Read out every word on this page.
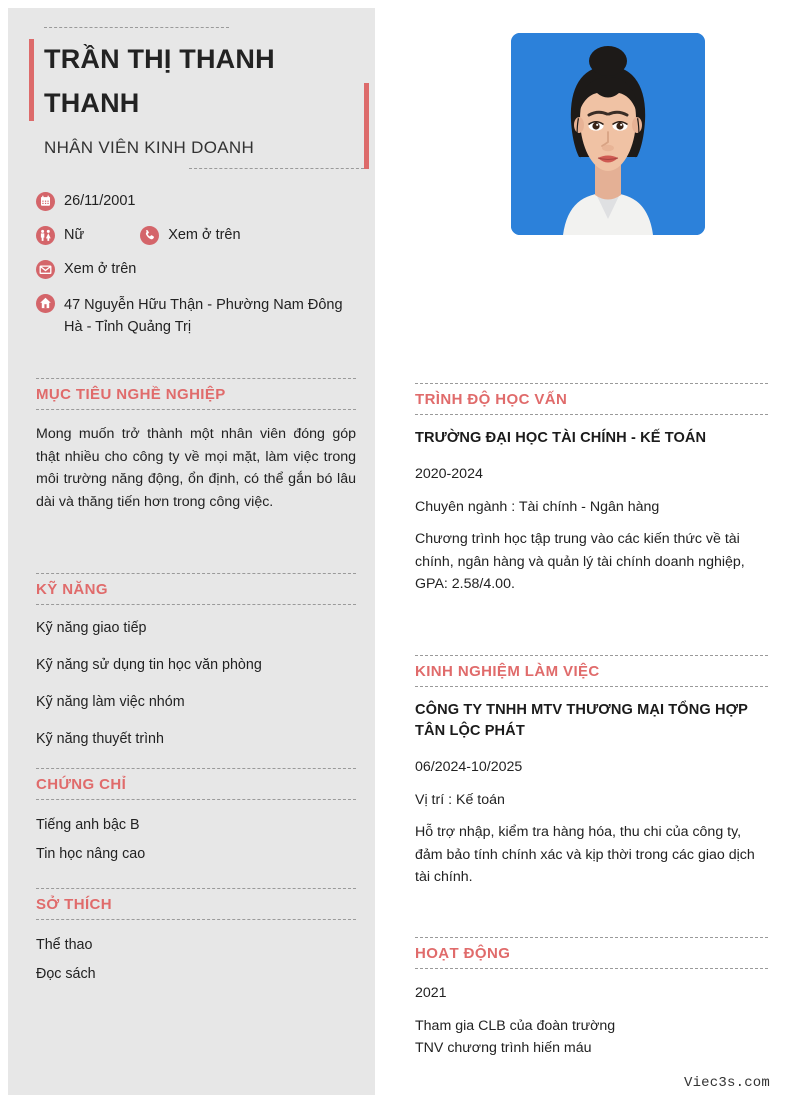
TRẦN THỊ THANH THANH
NHÂN VIÊN KINH DOANH
26/11/2001
Nữ	Xem ở trên
Xem ở trên
47 Nguyễn Hữu Thận - Phường Nam Đông Hà - Tỉnh Quảng Trị
MỤC TIÊU NGHỀ NGHIỆP

Mong muốn trở thành một nhân viên đóng góp thật nhiều cho công ty về mọi mặt, làm việc trong môi trường năng động, ổn định, có thể gắn bó lâu dài và thăng tiến hơn trong công việc.

KỸ NĂNG
Kỹ năng giao tiếp
Kỹ năng sử dụng tin học văn phòng
Kỹ năng làm việc nhóm
Kỹ năng thuyết trình
CHỨNG CHỈ
Tiếng anh bậc B
Tin học nâng cao
SỞ THÍCH
Thể thao
Đọc sách
TRÌNH ĐỘ HỌC VẤN
TRƯỜNG ĐẠI HỌC TÀI CHÍNH - KẾ TOÁN
2020-2024
Chuyên ngành : Tài chính - Ngân hàng
Chương trình học tập trung vào các kiến thức về tài chính, ngân hàng và quản lý tài chính doanh nghiệp, GPA: 2.58/4.00.
KINH NGHIỆM LÀM VIỆC
CÔNG TY TNHH MTV THƯƠNG MẠI TỔNG HỢP TÂN LỘC PHÁT
06/2024-10/2025
Vị trí : Kế toán
Hỗ trợ nhập, kiểm tra hàng hóa, thu chi của công ty, đảm bảo tính chính xác và kịp thời trong các giao dịch tài chính.
HOẠT ĐỘNG
2021
Tham gia CLB của đoàn trường
TNV chương trình hiến máu
Viec3s.com
